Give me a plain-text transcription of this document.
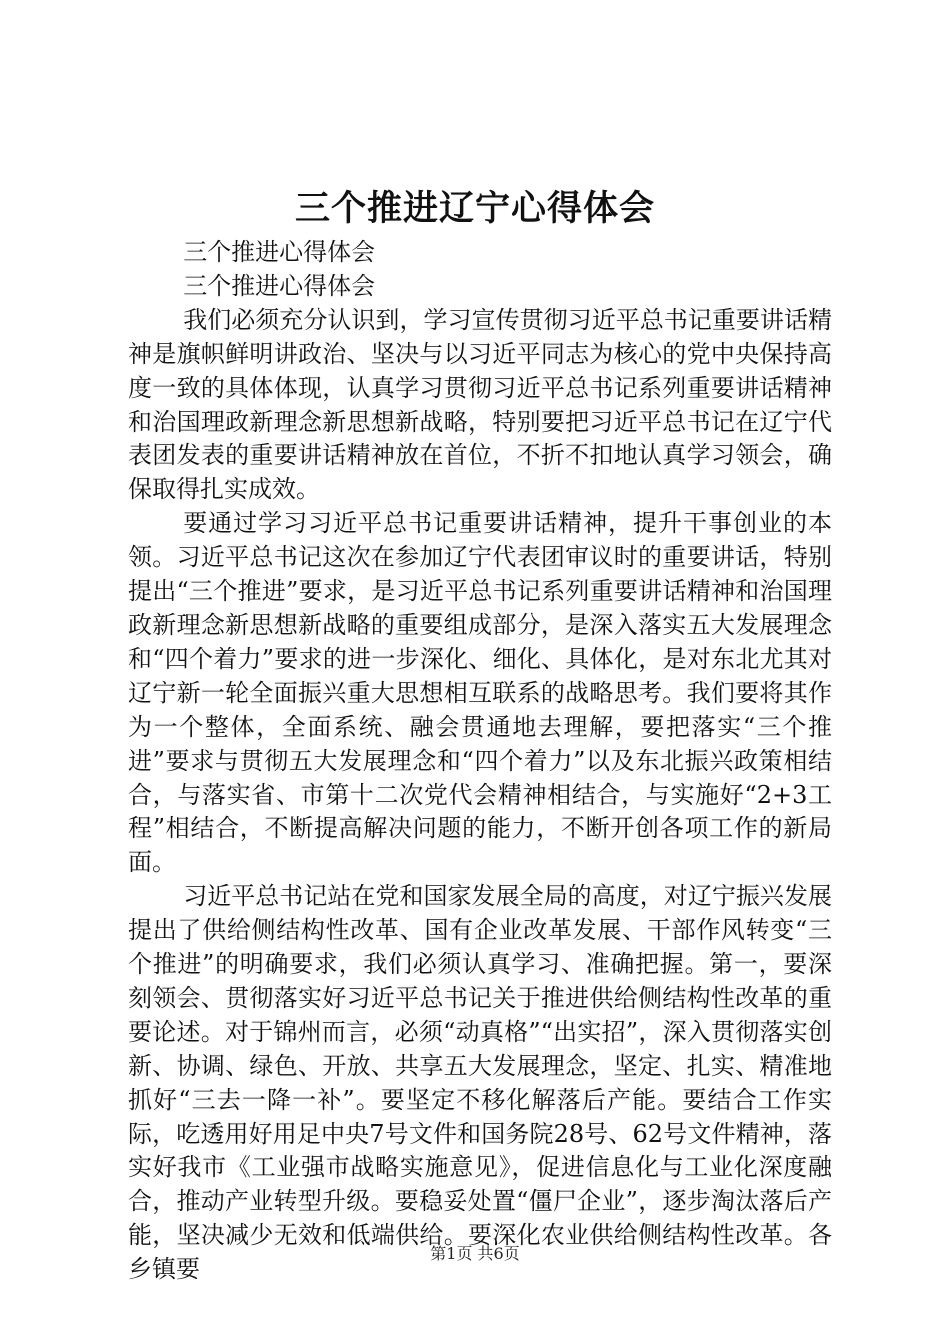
三个推进辽宁心得体会

三个推进心得体会

三个推进心得体会

我们必须充分认识到，学习宣传贯彻习近平总书记重要讲话精神是旗帜鲜明讲政治、坚决与以习近平同志为核心的党中央保持高度一致的具体体现，认真学习贯彻习近平总书记系列重要讲话精神和治国理政新理念新思想新战略，特别要把习近平总书记在辽宁代表团发表的重要讲话精神放在首位，不折不扣地认真学习领会，确保取得扎实成效。

要通过学习习近平总书记重要讲话精神，提升干事创业的本领。习近平总书记这次在参加辽宁代表团审议时的重要讲话，特别提出“三个推进”要求，是习近平总书记系列重要讲话精神和治国理政新理念新思想新战略的重要组成部分，是深入落实五大发展理念和“四个着力”要求的进一步深化、细化、具体化，是对东北尤其对辽宁新一轮全面振兴重大思想相互联系的战略思考。我们要将其作为一个整体，全面系统、融会贯通地去理解，要把落实“三个推进”要求与贯彻五大发展理念和“四个着力”以及东北振兴政策相结合，与落实省、市第十二次党代会精神相结合，与实施好“2+3工程”相结合，不断提高解决问题的能力，不断开创各项工作的新局面。

习近平总书记站在党和国家发展全局的高度，对辽宁振兴发展提出了供给侧结构性改革、国有企业改革发展、干部作风转变“三个推进”的明确要求，我们必须认真学习、准确把握。第一，要深刻领会、贯彻落实好习近平总书记关于推进供给侧结构性改革的重要论述。对于锦州而言，必须“动真格”“出实招”，深入贯彻落实创新、协调、绿色、开放、共享五大发展理念，坚定、扎实、精准地抓好“三去一降一补”。要坚定不移化解落后产能。要结合工作实际，吃透用好用足中央7号文件和国务院28号、62号文件精神，落实好我市《工业强市战略实施意见》，促进信息化与工业化深度融合，推动产业转型升级。要稳妥处置“僵尸企业”，逐步淘汰落后产能，坚决减少无效和低端供给。要深化农业供给侧结构性改革。各乡镇要

第1页 共6页
